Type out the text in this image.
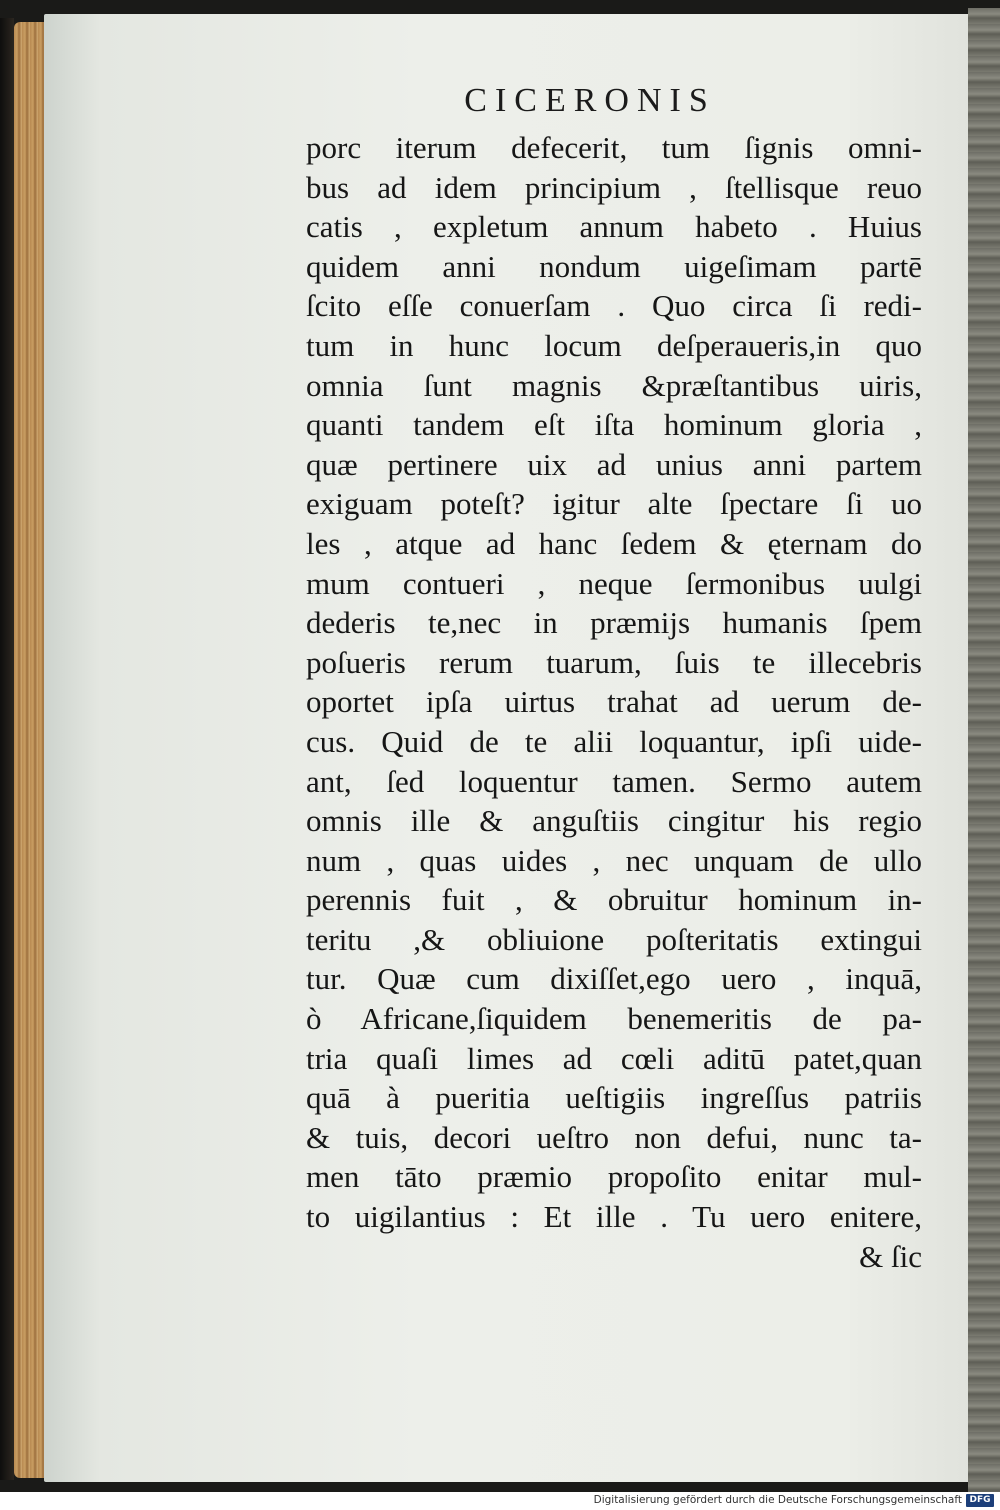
CICERONIS
porc iterum defecerit, tum ſignis omni-
bus ad idem principium , ſtellisque reuo
catis , expletum annum habeto . Huius
quidem anni nondum uigeſimam partē
ſcito eſſe conuerſam . Quo circa ſi redi-
tum in hunc locum deſperaueris,in quo
omnia ſunt magnis &præſtantibus uiris,
quanti tandem eſt iſta hominum gloria ,
quæ pertinere uix ad unius anni partem
exiguam poteſt? igitur alte ſpectare ſi uo
les , atque ad hanc ſedem & ęternam do
mum contueri , neque ſermonibus uulgi
dederis te,nec in præmijs humanis ſpem
poſueris rerum tuarum, ſuis te illecebris
oportet ipſa uirtus trahat ad uerum de-
cus. Quid de te alii loquantur, ipſi uide-
ant, ſed loquentur tamen. Sermo autem
omnis ille & anguſtiis cingitur his regio
num , quas uides , nec unquam de ullo
perennis fuit , & obruitur hominum in-
teritu ,& obliuione poſteritatis extingui
tur. Quæ cum dixiſſet,ego uero , inquā,
ò Africane,ſiquidem benemeritis de pa-
tria quaſi limes ad cœli aditū patet,quan
quā à pueritia ueſtigiis ingreſſus patriis
& tuis, decori ueſtro non defui, nunc ta-
men tāto præmio propoſito enitar mul-
to uigilantius : Et ille . Tu uero enitere,
& ſic
Digitalisierung gefördert durch die Deutsche Forschungsgemeinschaft DFG
